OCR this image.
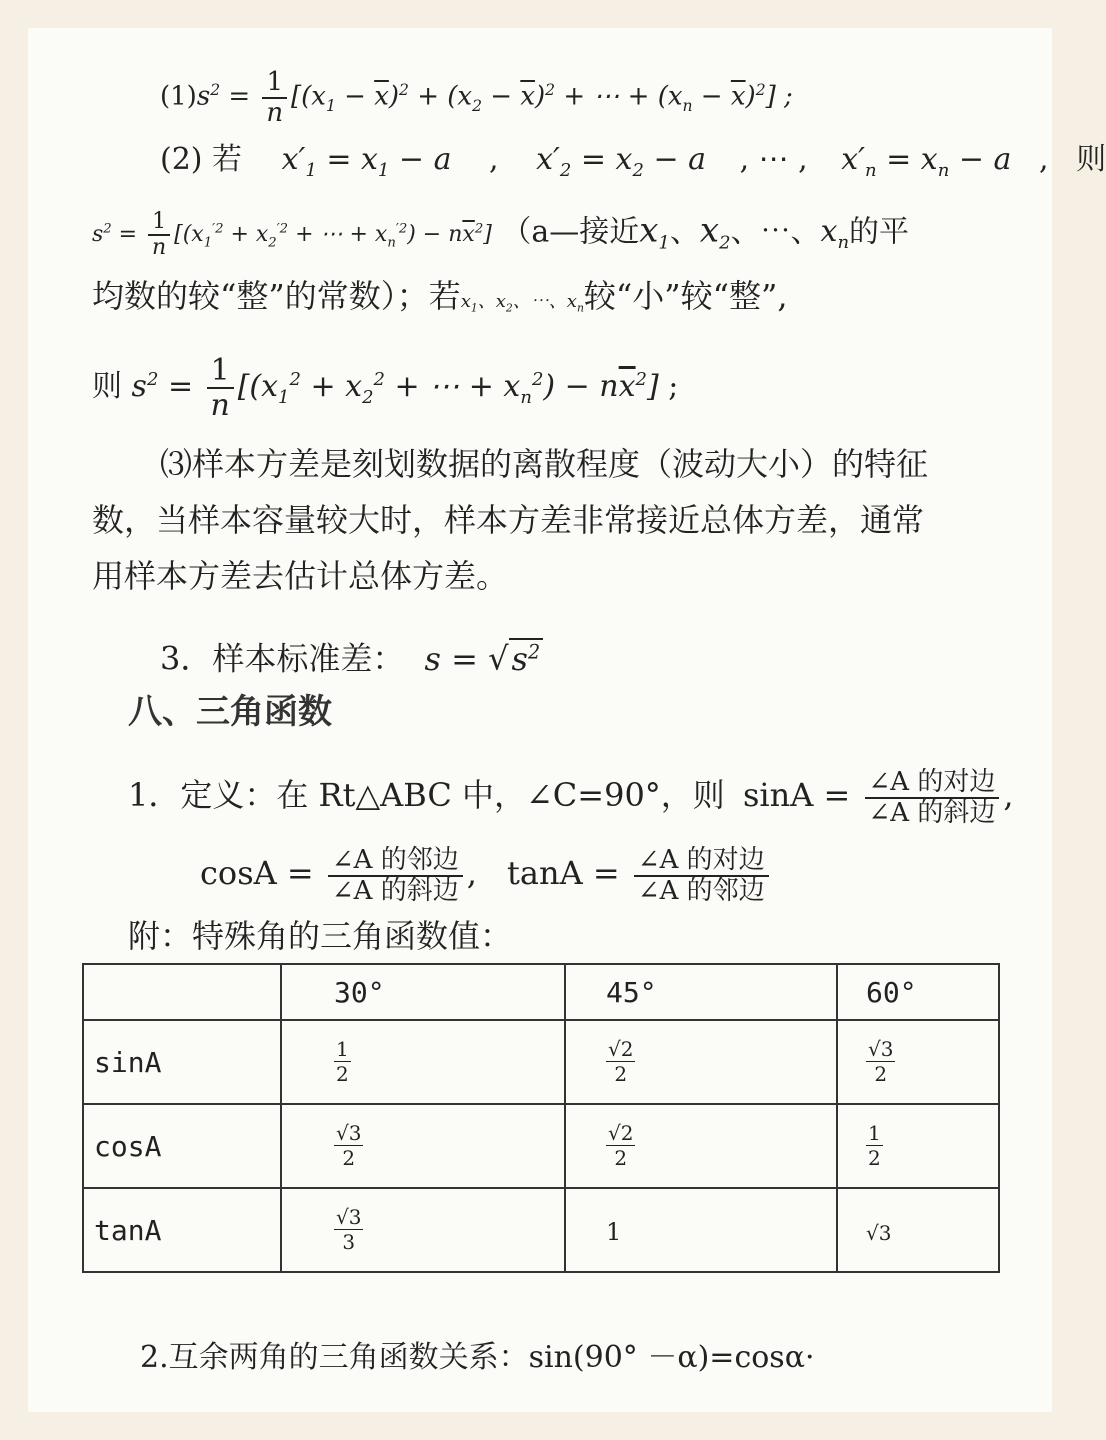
$(1)s^2 = \frac{1}{n} [(x_1 - \overline{x})^2 + (x_2 - \overline{x})^2$ + ⋯ + $(x_n - \overline{x})^2$] ;
(2) 若 $x'_1 = x_1 - a$ , $x'_2 = x_2 - a$ , ⋯ , $x'_n = x_n - a$ , 则
$s^2 = \frac{1}{n} [(x_1^{'2} + x_2^{'2}$ + ⋯ + $x_n^{'2}) - n\overline{x}^2$] （a—接近$x_1$、$x_2$、⋯、$x_n$的平
均数的较“整”的常数）；若$x_1$、$x_2$、⋯、$x_n$较“小”较“整”,
则 $s^2 = \frac{1}{n} [(x_1^2 + x_2^2$ + ⋯ + $x_n^2) - n\overline{x}^2$] ;
⑶样本方差是刻划数据的离散程度（波动大小）的特征
数，当样本容量较大时，样本方差非常接近总体方差，通常
用样本方差去估计总体方差。
3．样本标准差： $s = √s^2$
八、三角函数
1．定义：在 Rt△ABC 中，∠C=90°，则 $\sin A = \frac{\text{∠A 的对边}}{\text{∠A 的斜边}}$ ,
$\cos A = \frac{\text{∠A 的邻边}}{\text{∠A 的斜边}}$ , $\tan A = \frac{\text{∠A 的对边}}{\text{∠A 的邻边}}$
附：特殊角的三角函数值：
	30°	45°	60°
sinA	$\frac{1}{2}$	$\frac{√2}{2}$	$\frac{√3}{2}$

cosA	$\frac{√3}{2}$	$\frac{√2}{2}$	$\frac{1}{2}$

tanA	$\frac{√3}{3}$	1	√3
2.互余两角的三角函数关系：sin(90° －α)=cosα·
